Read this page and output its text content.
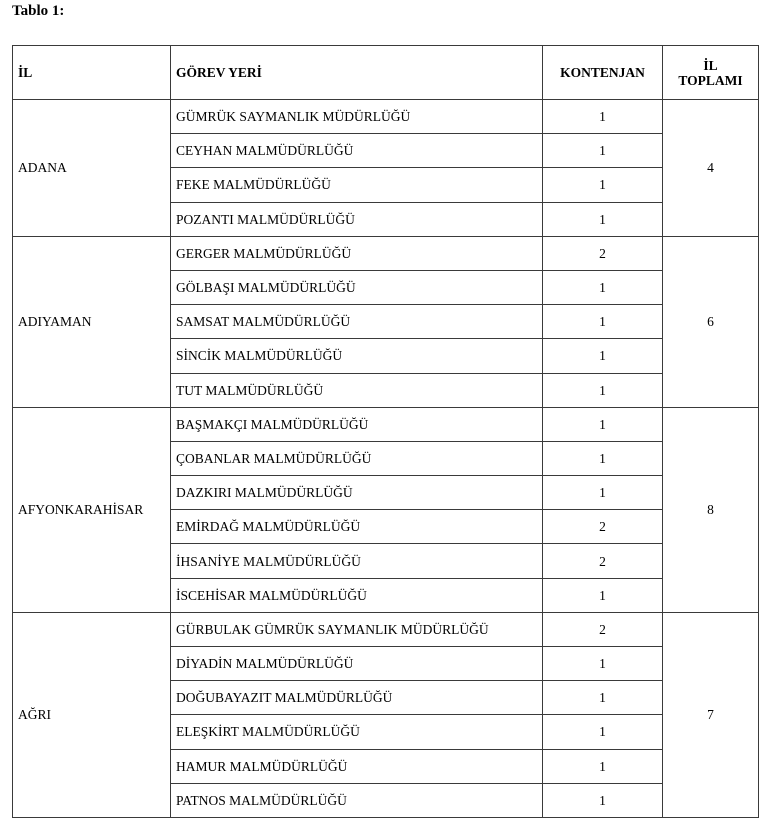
Tablo 1:
İL	GÖREV YERİ	KONTENJAN	İL
TOPLAMI

ADANA	GÜMRÜK SAYMANLIK MÜDÜRLÜĞÜ	1	4
	CEYHAN MALMÜDÜRLÜĞÜ	1	
	FEKE MALMÜDÜRLÜĞÜ	1	
	POZANTI MALMÜDÜRLÜĞÜ	1	
ADIYAMAN	GERGER MALMÜDÜRLÜĞÜ	2	6
	GÖLBAŞI MALMÜDÜRLÜĞÜ	1	
	SAMSAT MALMÜDÜRLÜĞÜ	1	
	SİNCİK MALMÜDÜRLÜĞÜ	1	
	TUT MALMÜDÜRLÜĞÜ	1	
AFYONKARAHİSAR	BAŞMAKÇI MALMÜDÜRLÜĞÜ	1	8
	ÇOBANLAR MALMÜDÜRLÜĞÜ	1	
	DAZKIRI MALMÜDÜRLÜĞÜ	1	
	EMİRDAĞ MALMÜDÜRLÜĞÜ	2	
	İHSANİYE MALMÜDÜRLÜĞÜ	2	
	İSCEHİSAR MALMÜDÜRLÜĞÜ	1	
AĞRI	GÜRBULAK GÜMRÜK SAYMANLIK MÜDÜRLÜĞÜ	2	7
	DİYADİN MALMÜDÜRLÜĞÜ	1	
	DOĞUBAYAZIT MALMÜDÜRLÜĞÜ	1	
	ELEŞKİRT MALMÜDÜRLÜĞÜ	1	
	HAMUR MALMÜDÜRLÜĞÜ	1	
	PATNOS MALMÜDÜRLÜĞÜ	1	
